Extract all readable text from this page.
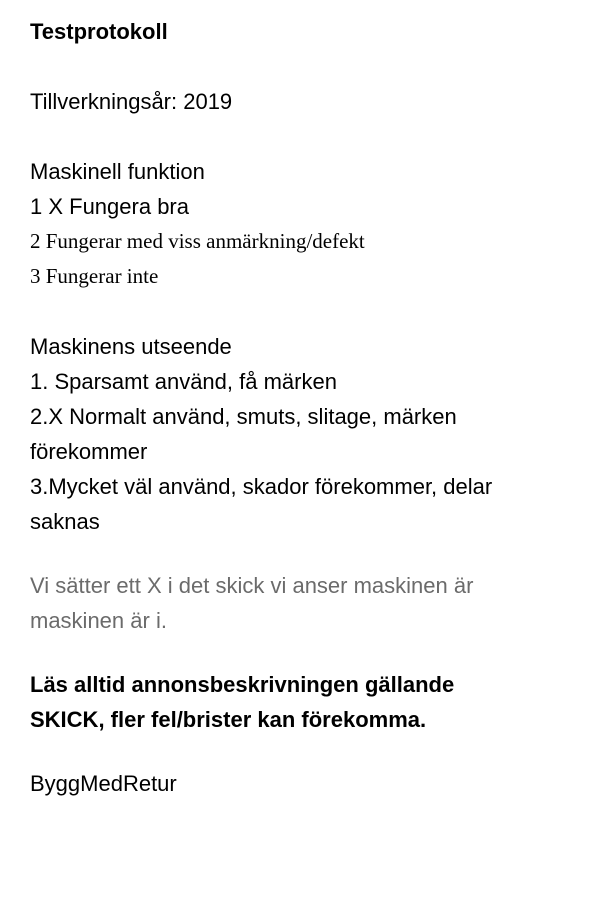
Testprotokoll
Tillverkningsår: 2019
Maskinell funktion
1 X Fungera bra
2 Fungerar med viss anmärkning/defekt
3 Fungerar inte
Maskinens utseende
1. Sparsamt använd, få märken
2.X Normalt använd, smuts, slitage, märken
förekommer
3.Mycket väl använd, skador förekommer, delar
saknas
Vi sätter ett X i det skick vi anser maskinen är
maskinen är i.
Läs alltid annonsbeskrivningen gällande
SKICK, fler fel/brister kan förekomma.
ByggMedRetur
